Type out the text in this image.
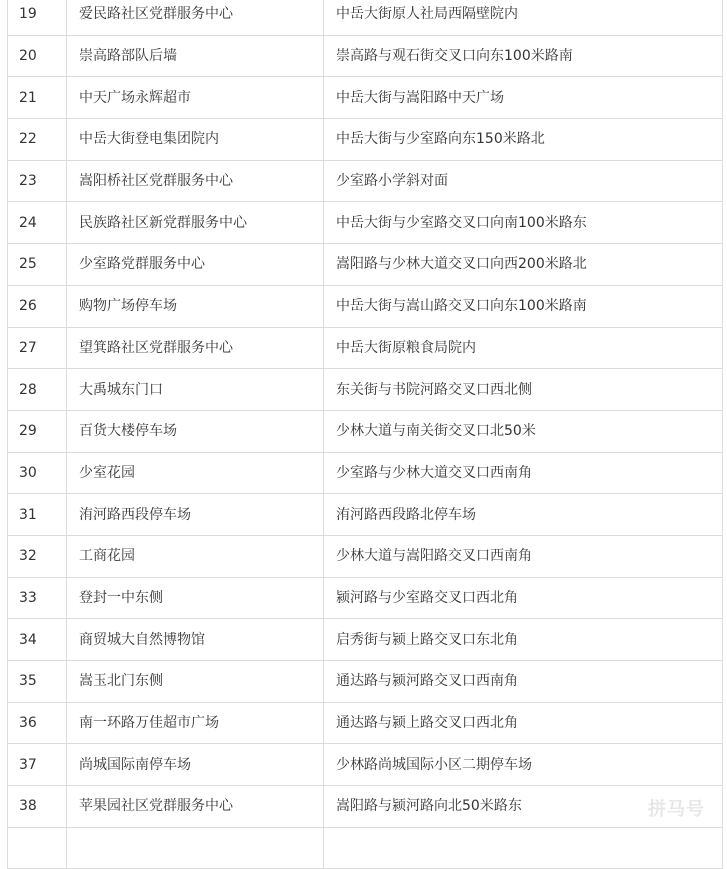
19	爱民路社区党群服务中心	中岳大街原人社局西隔壁院内
20	崇高路部队后墙	崇高路与观石街交叉口向东100米路南
21	中天广场永辉超市	中岳大街与嵩阳路中天广场
22	中岳大街登电集团院内	中岳大街与少室路向东150米路北
23	嵩阳桥社区党群服务中心	少室路小学斜对面
24	民族路社区新党群服务中心	中岳大街与少室路交叉口向南100米路东
25	少室路党群服务中心	嵩阳路与少林大道交叉口向西200米路北
26	购物广场停车场	中岳大街与嵩山路交叉口向东100米路南
27	望箕路社区党群服务中心	中岳大街原粮食局院内
28	大禹城东门口	东关街与书院河路交叉口西北侧
29	百货大楼停车场	少林大道与南关街交叉口北50米
30	少室花园	少室路与少林大道交叉口西南角
31	洧河路西段停车场	洧河路西段路北停车场
32	工商花园	少林大道与嵩阳路交叉口西南角
33	登封一中东侧	颍河路与少室路交叉口西北角
34	商贸城大自然博物馆	启秀街与颍上路交叉口东北角
35	嵩玉北门东侧	通达路与颍河路交叉口西南角
36	南一环路万佳超市广场	通达路与颍上路交叉口西北角
37	尚城国际南停车场	少林路尚城国际小区二期停车场
38	苹果园社区党群服务中心	嵩阳路与颍河路向北50米路东
			拼马号
